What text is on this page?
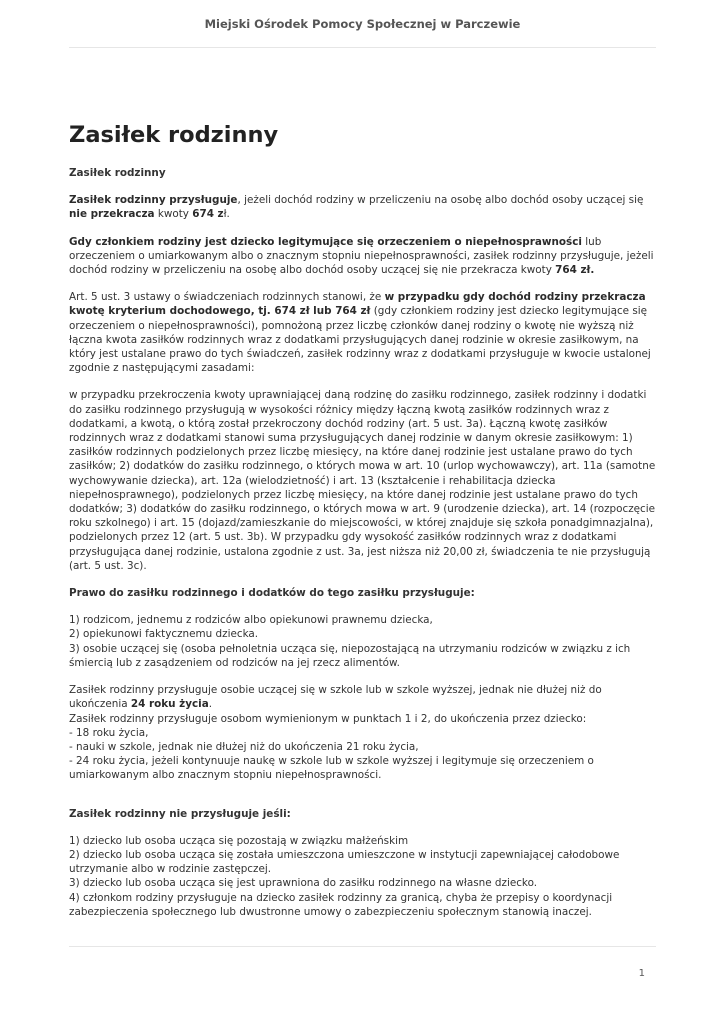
Miejski Ośrodek Pomocy Społecznej w Parczewie
Zasiłek rodzinny

Zasiłek rodzinny

Zasiłek rodzinny przysługuje, jeżeli dochód rodziny w przeliczeniu na osobę albo dochód osoby uczącej się nie przekracza kwoty 674 zł.

Gdy członkiem rodziny jest dziecko legitymujące się orzeczeniem o niepełnosprawności lub orzeczeniem o umiarkowanym albo o znacznym stopniu niepełnosprawności, zasiłek rodzinny przysługuje, jeżeli dochód rodziny w przeliczeniu na osobę albo dochód osoby uczącej się nie przekracza kwoty 764 zł.

Art. 5 ust. 3 ustawy o świadczeniach rodzinnych stanowi, że w przypadku gdy dochód rodziny przekracza kwotę kryterium dochodowego, tj. 674 zł lub 764 zł (gdy członkiem rodziny jest dziecko legitymujące się orzeczeniem o niepełnosprawności), pomnożoną przez liczbę członków danej rodziny o kwotę nie wyższą niż łączna kwota zasiłków rodzinnych wraz z dodatkami przysługujących danej rodzinie w okresie zasiłkowym, na który jest ustalane prawo do tych świadczeń, zasiłek rodzinny wraz z dodatkami przysługuje w kwocie ustalonej zgodnie z następującymi zasadami:

w przypadku przekroczenia kwoty uprawniającej daną rodzinę do zasiłku rodzinnego, zasiłek rodzinny i dodatki do zasiłku rodzinnego przysługują w wysokości różnicy między łączną kwotą zasiłków rodzinnych wraz z dodatkami, a kwotą, o którą został przekroczony dochód rodziny (art. 5 ust. 3a). Łączną kwotę zasiłków rodzinnych wraz z dodatkami stanowi suma przysługujących danej rodzinie w danym okresie zasiłkowym: 1) zasiłków rodzinnych podzielonych przez liczbę miesięcy, na które danej rodzinie jest ustalane prawo do tych zasiłków; 2) dodatków do zasiłku rodzinnego, o których mowa w art. 10 (urlop wychowawczy), art. 11a (samotne wychowywanie dziecka), art. 12a (wielodzietność) i art. 13 (kształcenie i rehabilitacja dziecka niepełnosprawnego), podzielonych przez liczbę miesięcy, na które danej rodzinie jest ustalane prawo do tych dodatków; 3) dodatków do zasiłku rodzinnego, o których mowa w art. 9 (urodzenie dziecka), art. 14 (rozpoczęcie roku szkolnego) i art. 15 (dojazd/zamieszkanie do miejscowości, w której znajduje się szkoła ponadgimnazjalna), podzielonych przez 12 (art. 5 ust. 3b). W przypadku gdy wysokość zasiłków rodzinnych wraz z dodatkami przysługująca danej rodzinie, ustalona zgodnie z ust. 3a, jest niższa niż 20,00 zł, świadczenia te nie przysługują (art. 5 ust. 3c).

Prawo do zasiłku rodzinnego i dodatków do tego zasiłku przysługuje:

1) rodzicom, jednemu z rodziców albo opiekunowi prawnemu dziecka,
2) opiekunowi faktycznemu dziecka.
3) osobie uczącej się (osoba pełnoletnia ucząca się, niepozostającą na utrzymaniu rodziców w związku z ich śmiercią lub z zasądzeniem od rodziców na jej rzecz alimentów.

Zasiłek rodzinny przysługuje osobie uczącej się w szkole lub w szkole wyższej, jednak nie dłużej niż do ukończenia 24 roku życia.

Zasiłek rodzinny przysługuje osobom wymienionym w punktach 1 i 2, do ukończenia przez dziecko:
- 18 roku życia,
- nauki w szkole, jednak nie dłużej niż do ukończenia 21 roku życia,
- 24 roku życia, jeżeli kontynuuje naukę w szkole lub w szkole wyższej i legitymuje się orzeczeniem o umiarkowanym albo znacznym stopniu niepełnosprawności.

Zasiłek rodzinny nie przysługuje jeśli:

1) dziecko lub osoba ucząca się pozostają w związku małżeńskim
2) dziecko lub osoba ucząca się została umieszczona umieszczone w instytucji zapewniającej całodobowe utrzymanie albo w rodzinie zastępczej.
3) dziecko lub osoba ucząca się jest uprawniona do zasiłku rodzinnego na własne dziecko.
4) członkom rodziny przysługuje na dziecko zasiłek rodzinny za granicą, chyba że przepisy o koordynacji zabezpieczenia społecznego lub dwustronne umowy o zabezpieczeniu społecznym stanowią inaczej.

1
